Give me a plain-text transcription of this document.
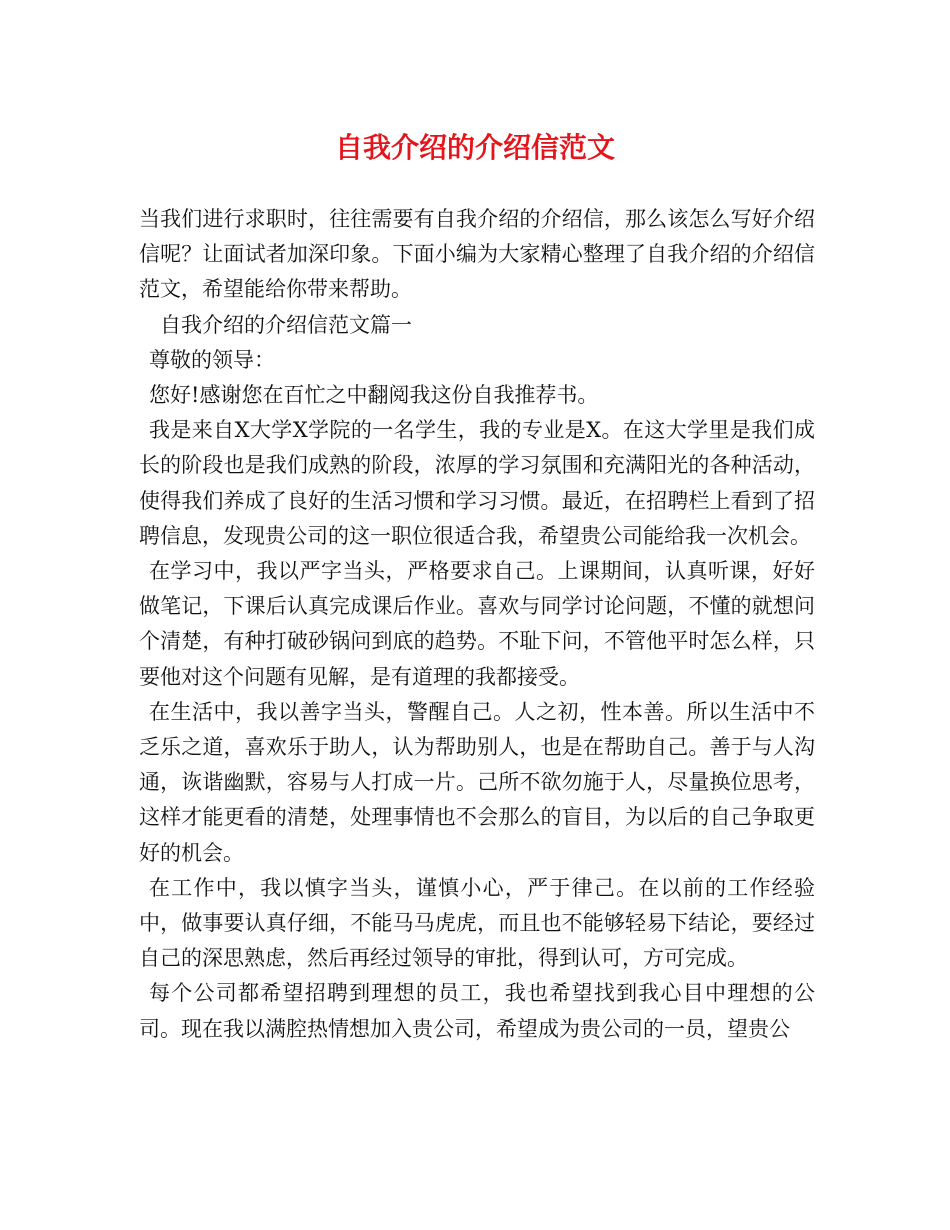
自我介绍的介绍信范文

当我们进行求职时，往往需要有自我介绍的介绍信，那么该怎么写好介绍信呢？让面试者加深印象。下面小编为大家精心整理了自我介绍的介绍信范文，希望能给你带来帮助。

自我介绍的介绍信范文篇一

尊敬的领导：

您好!感谢您在百忙之中翻阅我这份自我推荐书。

我是来自X大学X学院的一名学生，我的专业是X。在这大学里是我们成长的阶段也是我们成熟的阶段，浓厚的学习氛围和充满阳光的各种活动，使得我们养成了良好的生活习惯和学习习惯。最近，在招聘栏上看到了招聘信息，发现贵公司的这一职位很适合我，希望贵公司能给我一次机会。

在学习中，我以严字当头，严格要求自己。上课期间，认真听课，好好做笔记，下课后认真完成课后作业。喜欢与同学讨论问题，不懂的就想问个清楚，有种打破砂锅问到底的趋势。不耻下问，不管他平时怎么样，只要他对这个问题有见解，是有道理的我都接受。

在生活中，我以善字当头，警醒自己。人之初，性本善。所以生活中不乏乐之道，喜欢乐于助人，认为帮助别人，也是在帮助自己。善于与人沟通，诙谐幽默，容易与人打成一片。己所不欲勿施于人，尽量换位思考，这样才能更看的清楚，处理事情也不会那么的盲目，为以后的自己争取更好的机会。

在工作中，我以慎字当头，谨慎小心，严于律己。在以前的工作经验中，做事要认真仔细，不能马马虎虎，而且也不能够轻易下结论，要经过自己的深思熟虑，然后再经过领导的审批，得到认可，方可完成。

每个公司都希望招聘到理想的员工，我也希望找到我心目中理想的公司。现在我以满腔热情想加入贵公司，希望成为贵公司的一员，望贵公
